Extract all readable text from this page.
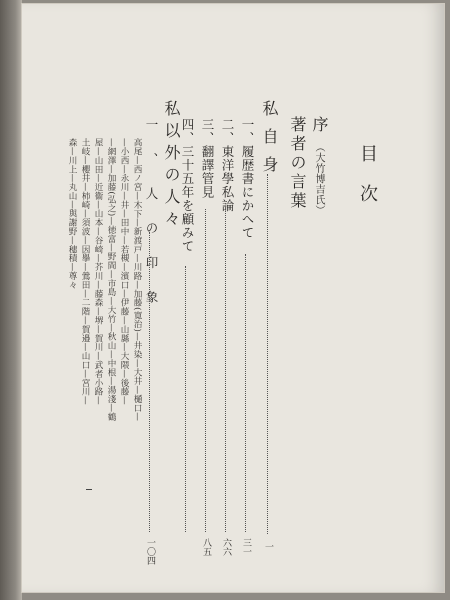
目次
序
（大竹博吉氏）
著者の言葉
私自身
一
一、履歴書にかへて
三一
二、東洋學私論
六六
三、翻譯管見
八五
四、三十五年を顧みて
私以外の人々
一、人の印象
一〇四
高尾—西ノ宮—木下—新渡戸—川路—加藤(寛治)—井染—大井—樋口—
—小西—永川—井—田中—若槻—濱口—伊藤—山縣—大隈—後藤—
—網澤—加藤(弘之)—徳富—野間—市島—大竹—秋山—中根—湯淺—鶴
屋—山田—近衞—山本—谷崎—芥川—藤森—堺—賀川—武者小路—
土岐—櫻井—柿崎—須波—因擧—鶯田—二階—賀邉—山口—宮川—
森—川上—丸山—與謝野—穗積—尊々
